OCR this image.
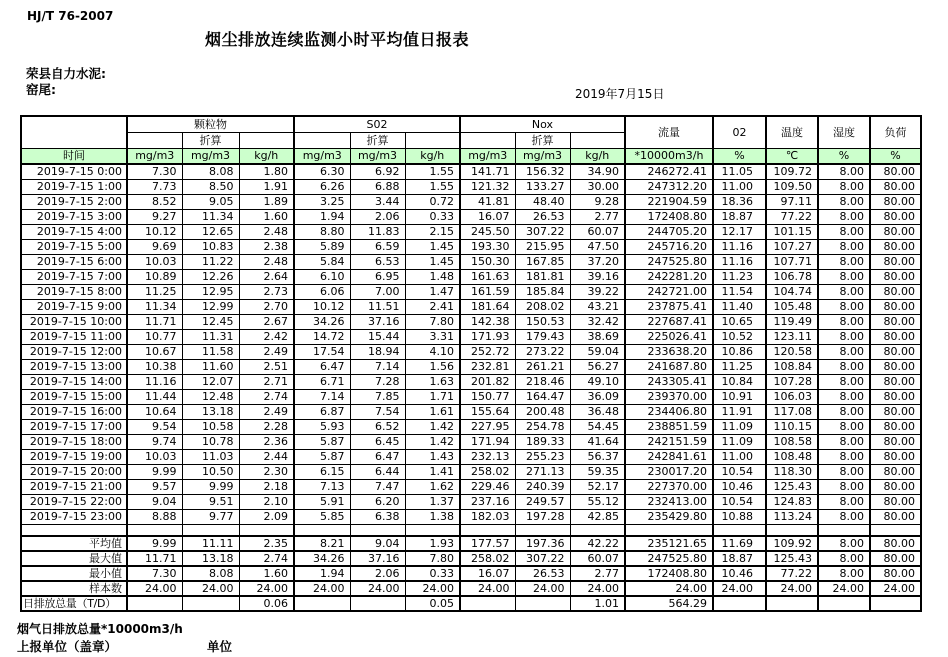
HJ/T 76-2007
烟尘排放连续监测小时平均值日报表
荣县自力水泥:
窑尾:	2019年7月15日
	颗粒物			S02			Nox			流量	02	温度	湿度	负荷
		折算			折算			折算						
时间	mg/m3	mg/m3	kg/h	mg/m3	mg/m3	kg/h	mg/m3	mg/m3	kg/h	*10000m3/h	%	℃	%	%
2019-7-15 0:00	7.30	8.08	1.80	6.30	6.92	1.55	141.71	156.32	34.90	246272.41	11.05	109.72	8.00	80.00
2019-7-15 1:00	7.73	8.50	1.91	6.26	6.88	1.55	121.32	133.27	30.00	247312.20	11.00	109.50	8.00	80.00
2019-7-15 2:00	8.52	9.05	1.89	3.25	3.44	0.72	41.81	48.40	9.28	221904.59	18.36	97.11	8.00	80.00
2019-7-15 3:00	9.27	11.34	1.60	1.94	2.06	0.33	16.07	26.53	2.77	172408.80	18.87	77.22	8.00	80.00
2019-7-15 4:00	10.12	12.65	2.48	8.80	11.83	2.15	245.50	307.22	60.07	244705.20	12.17	101.15	8.00	80.00
2019-7-15 5:00	9.69	10.83	2.38	5.89	6.59	1.45	193.30	215.95	47.50	245716.20	11.16	107.27	8.00	80.00
2019-7-15 6:00	10.03	11.22	2.48	5.84	6.53	1.45	150.30	167.85	37.20	247525.80	11.16	107.71	8.00	80.00
2019-7-15 7:00	10.89	12.26	2.64	6.10	6.95	1.48	161.63	181.81	39.16	242281.20	11.23	106.78	8.00	80.00
2019-7-15 8:00	11.25	12.95	2.73	6.06	7.00	1.47	161.59	185.84	39.22	242721.00	11.54	104.74	8.00	80.00
2019-7-15 9:00	11.34	12.99	2.70	10.12	11.51	2.41	181.64	208.02	43.21	237875.41	11.40	105.48	8.00	80.00
2019-7-15 10:00	11.71	12.45	2.67	34.26	37.16	7.80	142.38	150.53	32.42	227687.41	10.65	119.49	8.00	80.00
2019-7-15 11:00	10.77	11.31	2.42	14.72	15.44	3.31	171.93	179.43	38.69	225026.41	10.52	123.11	8.00	80.00
2019-7-15 12:00	10.67	11.58	2.49	17.54	18.94	4.10	252.72	273.22	59.04	233638.20	10.86	120.58	8.00	80.00
2019-7-15 13:00	10.38	11.60	2.51	6.47	7.14	1.56	232.81	261.21	56.27	241687.80	11.25	108.84	8.00	80.00
2019-7-15 14:00	11.16	12.07	2.71	6.71	7.28	1.63	201.82	218.46	49.10	243305.41	10.84	107.28	8.00	80.00
2019-7-15 15:00	11.44	12.48	2.74	7.14	7.85	1.71	150.77	164.47	36.09	239370.00	10.91	106.03	8.00	80.00
2019-7-15 16:00	10.64	13.18	2.49	6.87	7.54	1.61	155.64	200.48	36.48	234406.80	11.91	117.08	8.00	80.00
2019-7-15 17:00	9.54	10.58	2.28	5.93	6.52	1.42	227.95	254.78	54.45	238851.59	11.09	110.15	8.00	80.00
2019-7-15 18:00	9.74	10.78	2.36	5.87	6.45	1.42	171.94	189.33	41.64	242151.59	11.09	108.58	8.00	80.00
2019-7-15 19:00	10.03	11.03	2.44	5.87	6.47	1.43	232.13	255.23	56.37	242841.61	11.00	108.48	8.00	80.00
2019-7-15 20:00	9.99	10.50	2.30	6.15	6.44	1.41	258.02	271.13	59.35	230017.20	10.54	118.30	8.00	80.00
2019-7-15 21:00	9.57	9.99	2.18	7.13	7.47	1.62	229.46	240.39	52.17	227370.00	10.46	125.43	8.00	80.00
2019-7-15 22:00	9.04	9.51	2.10	5.91	6.20	1.37	237.16	249.57	55.12	232413.00	10.54	124.83	8.00	80.00
2019-7-15 23:00	8.88	9.77	2.09	5.85	6.38	1.38	182.03	197.28	42.85	235429.80	10.88	113.24	8.00	80.00

平均值	9.99	11.11	2.35	8.21	9.04	1.93	177.57	197.36	42.22	235121.65	11.69	109.92	8.00	80.00
最大值	11.71	13.18	2.74	34.26	37.16	7.80	258.02	307.22	60.07	247525.80	18.87	125.43	8.00	80.00
最小值	7.30	8.08	1.60	1.94	2.06	0.33	16.07	26.53	2.77	172408.80	10.46	77.22	8.00	80.00
样本数	24.00	24.00	24.00	24.00	24.00	24.00	24.00	24.00	24.00	24.00	24.00	24.00	24.00	24.00
日排放总量（T/D）			0.06			0.05			1.01	564.29				
烟气日排放总量*10000m3/h
上报单位（盖章）	单位
